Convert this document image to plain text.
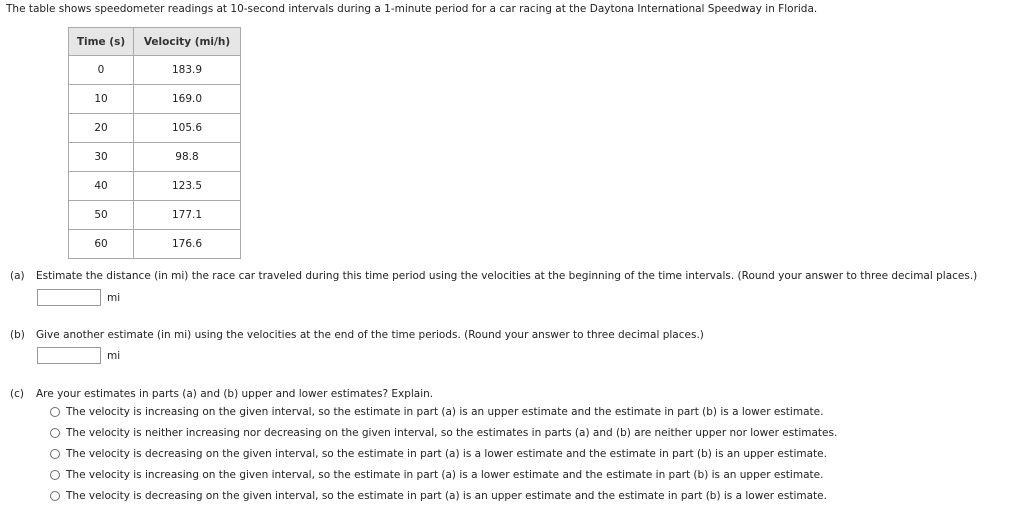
The table shows speedometer readings at 10-second intervals during a 1-minute period for a car racing at the Daytona International Speedway in Florida.
Time (s)	Velocity (mi/h)
0	183.9
10	169.0
20	105.6
30	98.8
40	123.5
50	177.1
60	176.6
(a) Estimate the distance (in mi) the race car traveled during this time period using the velocities at the beginning of the time intervals. (Round your answer to three decimal places.)
mi
(b) Give another estimate (in mi) using the velocities at the end of the time periods. (Round your answer to three decimal places.)
mi
(c) Are your estimates in parts (a) and (b) upper and lower estimates? Explain.
The velocity is increasing on the given interval, so the estimate in part (a) is an upper estimate and the estimate in part (b) is a lower estimate.
The velocity is neither increasing nor decreasing on the given interval, so the estimates in parts (a) and (b) are neither upper nor lower estimates.
The velocity is decreasing on the given interval, so the estimate in part (a) is a lower estimate and the estimate in part (b) is an upper estimate.
The velocity is increasing on the given interval, so the estimate in part (a) is a lower estimate and the estimate in part (b) is an upper estimate.
The velocity is decreasing on the given interval, so the estimate in part (a) is an upper estimate and the estimate in part (b) is a lower estimate.
